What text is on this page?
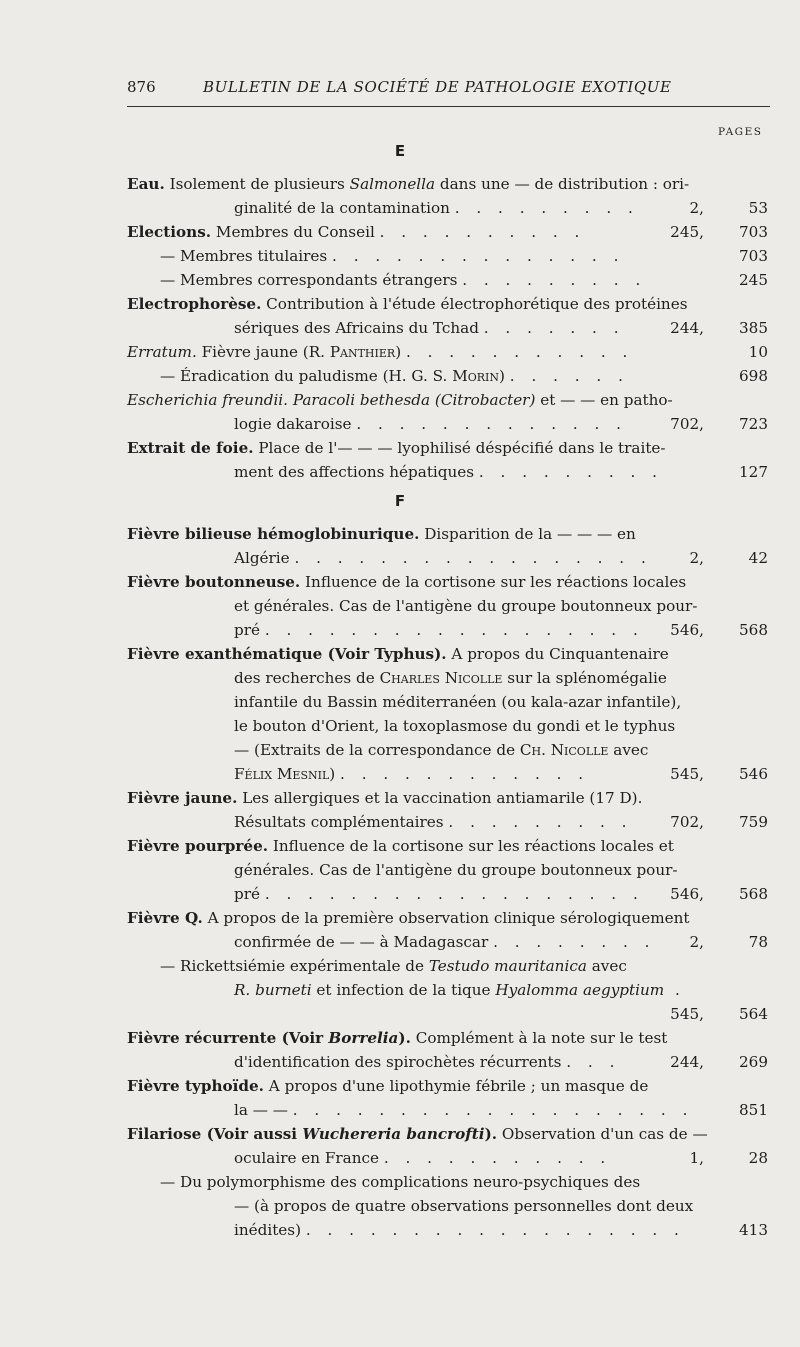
876	BULLETIN DE LA SOCIÉTÉ DE PATHOLOGIE EXOTIQUE
PAGES
E
Eau. Isolement de plusieurs Salmonella dans une — de distribution : ori-
ginalité de la contamination . . . . . . . . .	2,	53
Elections. Membres du Conseil . . . . . . . . . .	245,	703
— Membres titulaires . . . . . . . . . . . . . .	703
— Membres correspondants étrangers . . . . . . . . .	245
Electrophorèse. Contribution à l'étude électrophorétique des protéines
sériques des Africains du Tchad . . . . . . .	244,	385
Erratum. Fièvre jaune (R. Panthier) . . . . . . . . . . .	10
— Éradication du paludisme (H. G. S. Morin) . . . . . .	698
Escherichia freundii. Paracoli bethesda (Citrobacter) et — — en patho-
logie dakaroise . . . . . . . . . . . . .	702,	723
Extrait de foie. Place de l'— — — lyophilisé déspécifié dans le traite-
ment des affections hépatiques . . . . . . . . .	127
F
Fièvre bilieuse hémoglobinurique. Disparition de la — — — en
Algérie . . . . . . . . . . . . . . . . .	2,	42
Fièvre boutonneuse. Influence de la cortisone sur les réactions locales
et générales. Cas de l'antigène du groupe boutonneux pour-
pré . . . . . . . . . . . . . . . . . .	546,	568
Fièvre exanthématique (Voir Typhus). A propos du Cinquantenaire
des recherches de Charles Nicolle sur la splénomégalie
infantile du Bassin méditerranéen (ou kala-azar infantile),
le bouton d'Orient, la toxoplasmose du gondi et le typhus
— (Extraits de la correspondance de Ch. Nicolle avec
Félix Mesnil) . . . . . . . . . . . .	545,	546
Fièvre jaune. Les allergiques et la vaccination antiamarile (17 D).
Résultats complémentaires . . . . . . . . .	702,	759
Fièvre pourprée. Influence de la cortisone sur les réactions locales et
générales. Cas de l'antigène du groupe boutonneux pour-
pré . . . . . . . . . . . . . . . . . .	546,	568
Fièvre Q. A propos de la première observation clinique sérologiquement
confirmée de — — à Madagascar . . . . . . . .	2,	78
— Rickettsiémie expérimentale de Testudo mauritanica avec
R. burneti et infection de la tique Hyalomma aegyptium .
545,	564
Fièvre récurrente (Voir Borrelia). Complément à la note sur le test
d'identification des spirochètes récurrents . . .	244,	269
Fièvre typhoïde. A propos d'une lipothymie fébrile ; un masque de
la — — . . . . . . . . . . . . . . . . . . .	851
Filariose (Voir aussi Wuchereria bancrofti). Observation d'un cas de —
oculaire en France . . . . . . . . . . .	1,	28
— Du polymorphisme des complications neuro-psychiques des
— (à propos de quatre observations personnelles dont deux
inédites) . . . . . . . . . . . . . . . . . .	413
